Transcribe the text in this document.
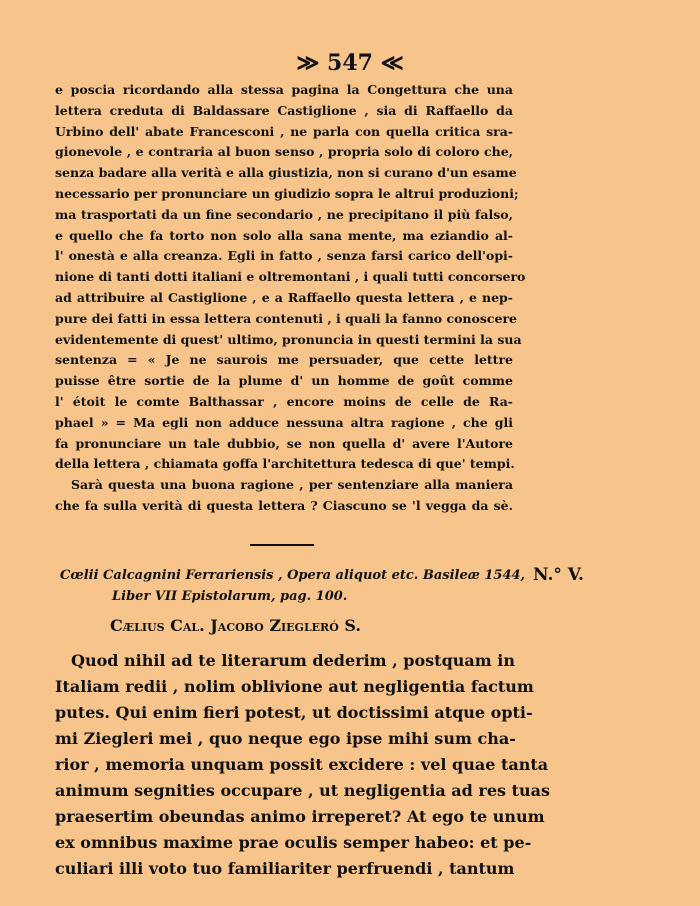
≫ 547 ≪
e poscia ricordando alla stessa pagina la Congettura che una
lettera creduta di Baldassare Castiglione , sia di Raffaello da
Urbino dell' abate Francesconi , ne parla con quella critica sra-
gionevole , e contraria al buon senso , propria solo di coloro che,
senza badare alla verità e alla giustizia, non si curano d'un esame
necessario per pronunciare un giudizio sopra le altrui produzioni;
ma trasportati da un fine secondario , ne precipitano il più falso,
e quello che fa torto non solo alla sana mente, ma eziandio al-
l' onestà e alla creanza. Egli in fatto , senza farsi carico dell'opi-
nione di tanti dotti italiani e oltremontani , i quali tutti concorsero
ad attribuire al Castiglione , e a Raffaello questa lettera , e nep-
pure dei fatti in essa lettera contenuti , i quali la fanno conoscere
evidentemente di quest' ultimo, pronuncia in questi termini la sua
sentenza = « Je ne saurois me persuader, que cette lettre
puisse être sortie de la plume d' un homme de goût comme
l' étoit le comte Balthassar , encore moins de celle de Ra-
phael » = Ma egli non adduce nessuna altra ragione , che gli
fa pronunciare un tale dubbio, se non quella d' avere l'Autore
della lettera , chiamata goffa l'architettura tedesca di que' tempi.
Sarà questa una buona ragione , per sentenziare alla maniera
che fa sulla verità di questa lettera ? Ciascuno se 'l vegga da sè.
Cœlii Calcagnini Ferrariensis , Opera aliquot etc. Basileæ 1544,
Liber VII Epistolarum, pag. 100.
N.° V.
Cælius Cal. Jacobo Ziegleró S.
Quod nihil ad te literarum dederim , postquam in
Italiam redii , nolim oblivione aut negligentia factum
putes. Qui enim fieri potest, ut doctissimi atque opti-
mi Ziegleri mei , quo neque ego ipse mihi sum cha-
rior , memoria unquam possit excidere : vel quae tanta
animum segnities occupare , ut negligentia ad res tuas
praesertim obeundas animo irreperet? At ego te unum
ex omnibus maxime prae oculis semper habeo: et pe-
culiari illi voto tuo familiariter perfruendi , tantum
